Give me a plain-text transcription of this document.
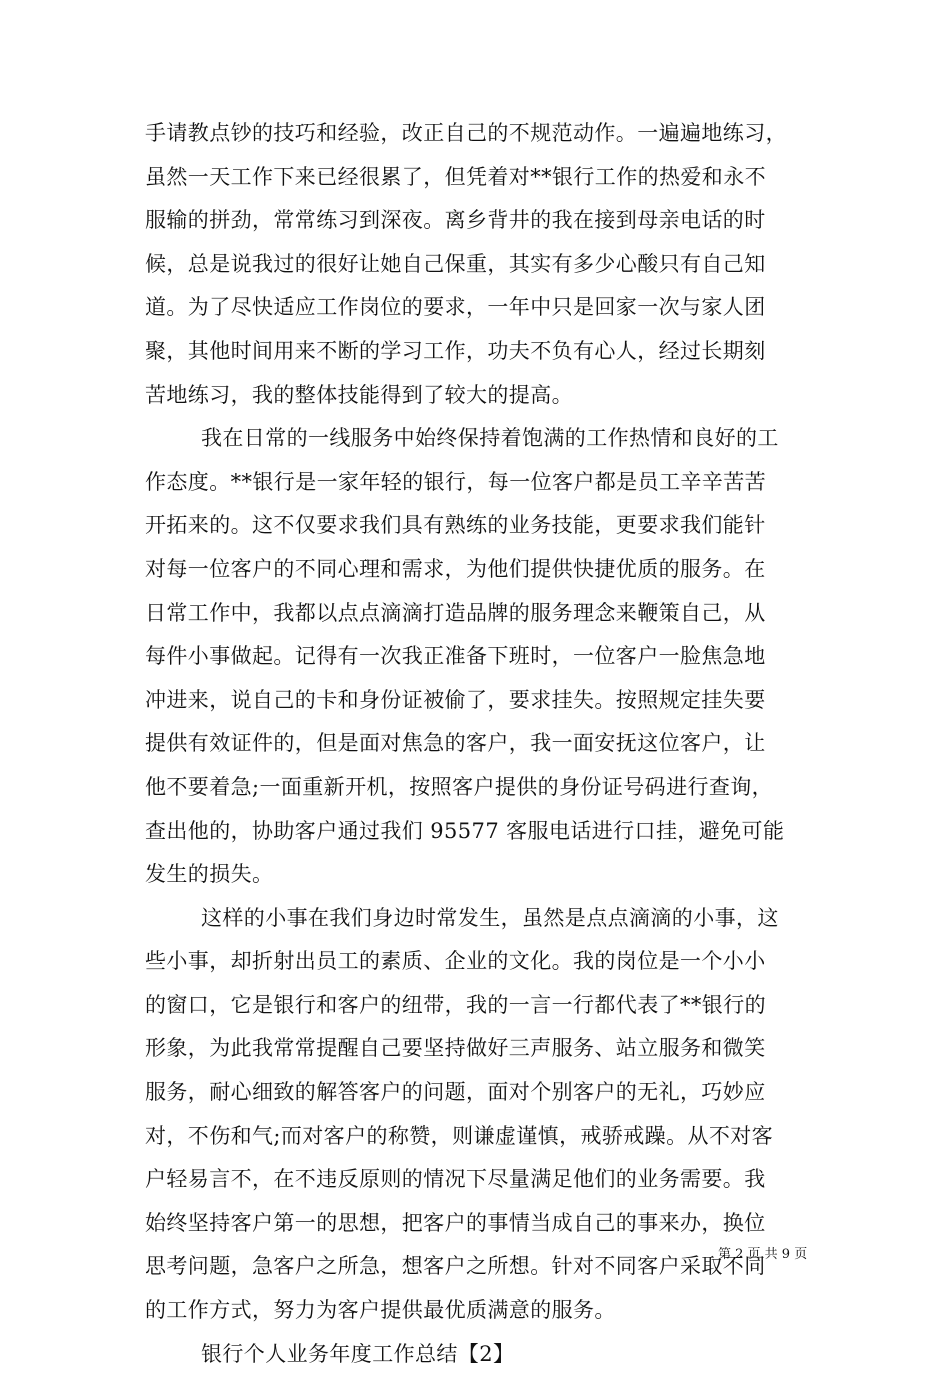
手请教点钞的技巧和经验，改正自己的不规范动作。一遍遍地练习，
虽然一天工作下来已经很累了，但凭着对**银行工作的热爱和永不
服输的拼劲，常常练习到深夜。离乡背井的我在接到母亲电话的时
候，总是说我过的很好让她自己保重，其实有多少心酸只有自己知
道。为了尽快适应工作岗位的要求，一年中只是回家一次与家人团
聚，其他时间用来不断的学习工作，功夫不负有心人，经过长期刻
苦地练习，我的整体技能得到了较大的提高。
我在日常的一线服务中始终保持着饱满的工作热情和良好的工
作态度。**银行是一家年轻的银行，每一位客户都是员工辛辛苦苦
开拓来的。这不仅要求我们具有熟练的业务技能，更要求我们能针
对每一位客户的不同心理和需求，为他们提供快捷优质的服务。在
日常工作中，我都以点点滴滴打造品牌的服务理念来鞭策自己，从
每件小事做起。记得有一次我正准备下班时，一位客户一脸焦急地
冲进来，说自己的卡和身份证被偷了，要求挂失。按照规定挂失要
提供有效证件的，但是面对焦急的客户，我一面安抚这位客户，让
他不要着急;一面重新开机，按照客户提供的身份证号码进行查询，
查出他的，协助客户通过我们 95577 客服电话进行口挂，避免可能
发生的损失。
这样的小事在我们身边时常发生，虽然是点点滴滴的小事，这
些小事，却折射出员工的素质、企业的文化。我的岗位是一个小小
的窗口，它是银行和客户的纽带，我的一言一行都代表了**银行的
形象，为此我常常提醒自己要坚持做好三声服务、站立服务和微笑
服务，耐心细致的解答客户的问题，面对个别客户的无礼，巧妙应
对，不伤和气;而对客户的称赞，则谦虚谨慎，戒骄戒躁。从不对客
户轻易言不，在不违反原则的情况下尽量满足他们的业务需要。我
始终坚持客户第一的思想，把客户的事情当成自己的事来办，换位
思考问题，急客户之所急，想客户之所想。针对不同客户采取不同
的工作方式，努力为客户提供最优质满意的服务。
银行个人业务年度工作总结【2】
第 2 页 共 9 页
